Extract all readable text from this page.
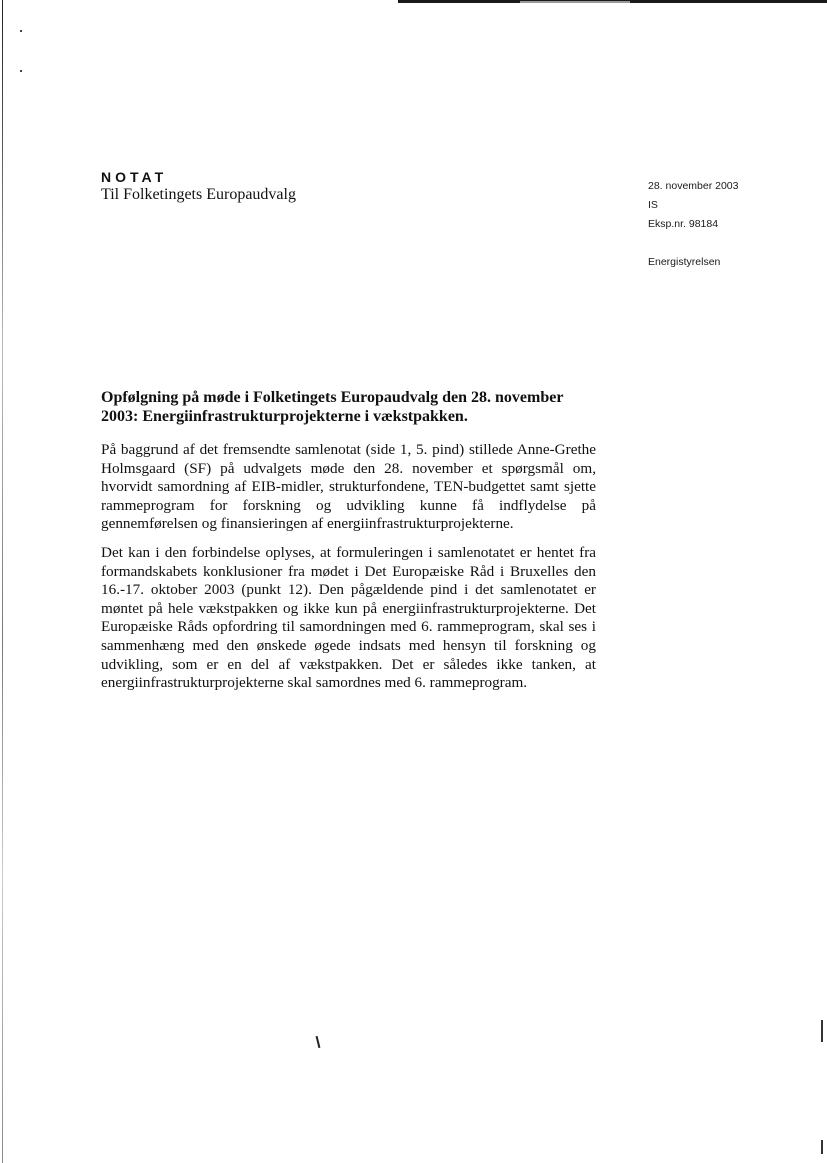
NOTAT
Til Folketingets Europaudvalg	28. november 2003
IS
Eksp.nr. 98184
Energistyrelsen
Opfølgning på møde i Folketingets Europaudvalg den 28. november 2003: Energiinfrastrukturprojekterne i vækstpakken.

På baggrund af det fremsendte samlenotat (side 1, 5. pind) stillede Anne-Grethe Holmsgaard (SF) på udvalgets møde den 28. november et spørgsmål om, hvorvidt samordning af EIB-midler, strukturfondene, TEN-budgettet samt sjette rammeprogram for forskning og udvikling kunne få indflydelse på gennemførelsen og finansieringen af energiinfrastrukturprojekterne.

Det kan i den forbindelse oplyses, at formuleringen i samlenotatet er hentet fra formandskabets konklusioner fra mødet i Det Europæiske Råd i Bruxelles den 16.-17. oktober 2003 (punkt 12). Den pågældende pind i det samlenotatet er møntet på hele vækstpakken og ikke kun på energiinfrastrukturprojekterne. Det Europæiske Råds opfordring til samordningen med 6. rammeprogram, skal ses i sammenhæng med den ønskede øgede indsats med hensyn til forskning og udvikling, som er en del af vækstpakken. Det er således ikke tanken, at energiinfrastrukturprojekterne skal samordnes med 6. rammeprogram.
